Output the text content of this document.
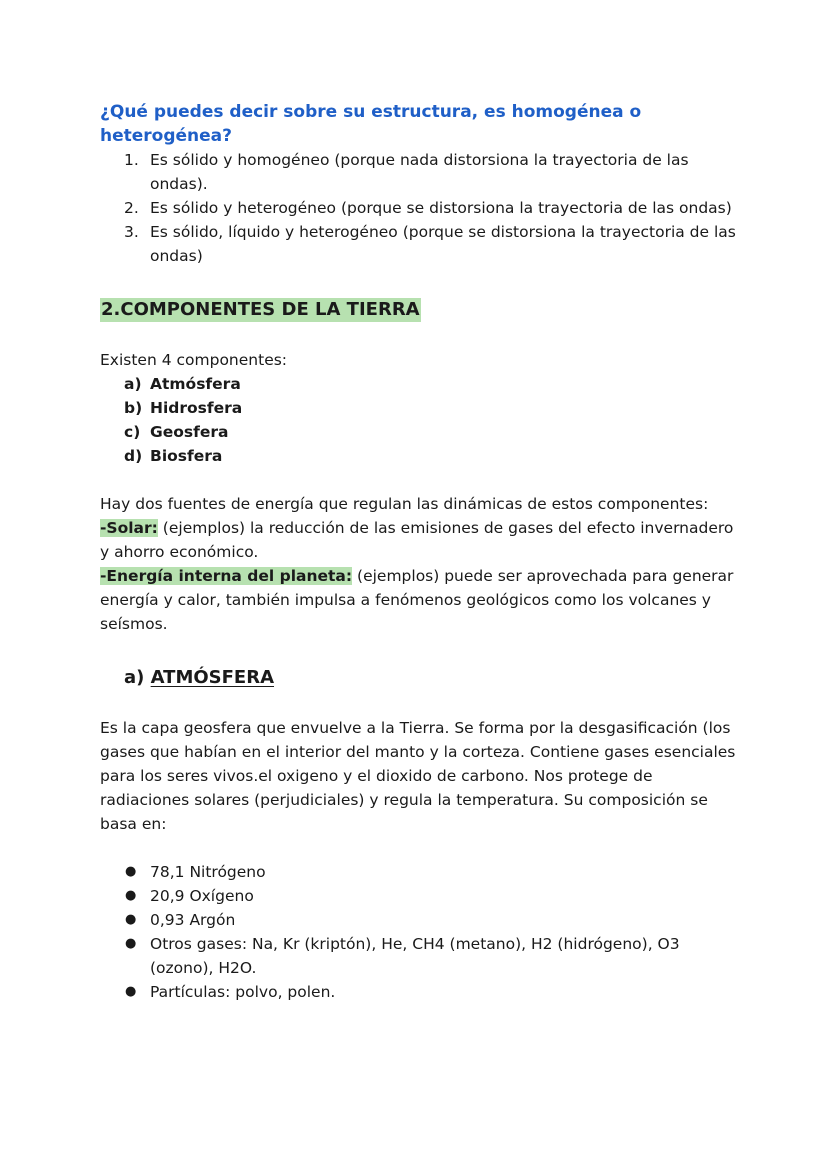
¿Qué puedes decir sobre su estructura, es homogénea o heterogénea?

1. Es sólido y homogéneo (porque nada distorsiona la trayectoria de las ondas).
2. Es sólido y heterogéneo (porque se distorsiona la trayectoria de las ondas)
3. Es sólido, líquido y heterogéneo (porque se distorsiona la trayectoria de las ondas)
2.COMPONENTES DE LA TIERRA

Existen 4 componentes:

a) Atmósfera
b) Hidrosfera
c) Geosfera
d) Biosfera

Hay dos fuentes de energía que regulan las dinámicas de estos componentes:

-Solar: (ejemplos) la reducción de las emisiones de gases del efecto invernadero y ahorro económico.

-Energía interna del planeta: (ejemplos) puede ser aprovechada para generar energía y calor, también impulsa a fenómenos geológicos como los volcanes y seísmos.

a) ATMÓSFERA

Es la capa geosfera que envuelve a la Tierra. Se forma por la desgasificación (los gases que habían en el interior del manto y la corteza. Contiene gases esenciales para los seres vivos.el oxigeno y el dioxido de carbono. Nos protege de radiaciones solares (perjudiciales) y regula la temperatura. Su composición se basa en:

● 78,1 Nitrógeno
● 20,9 Oxígeno
● 0,93 Argón
● Otros gases: Na, Kr (kriptón), He, CH4 (metano), H2 (hidrógeno), O3 (ozono), H2O.
● Partículas: polvo, polen.
